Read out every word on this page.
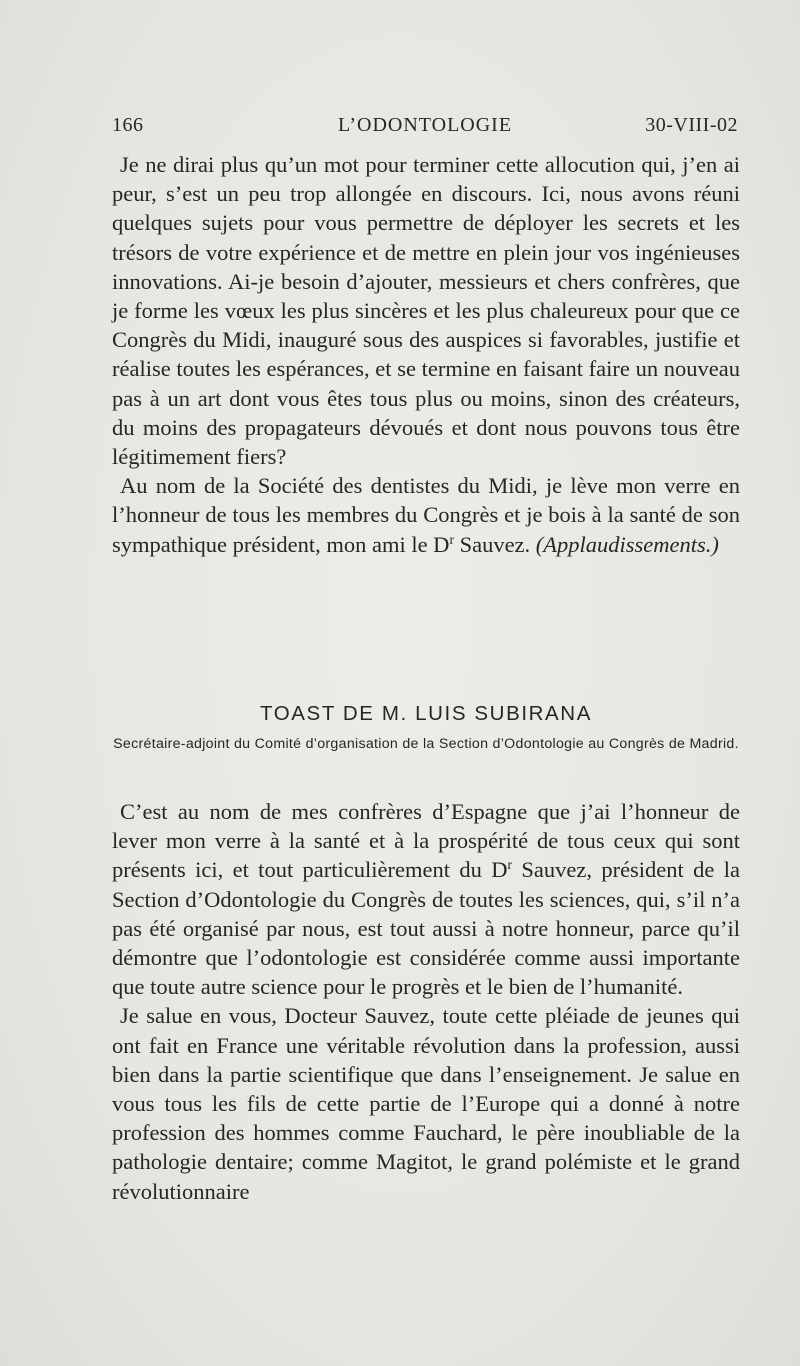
166	L’ODONTOLOGIE	30-VIII-02

Je ne dirai plus qu’un mot pour terminer cette allocution qui, j’en ai peur, s’est un peu trop allongée en discours. Ici, nous avons réuni quelques sujets pour vous permettre de déployer les secrets et les trésors de votre expérience et de mettre en plein jour vos ingénieuses innovations. Ai-je besoin d’ajouter, messieurs et chers confrères, que je forme les vœux les plus sincères et les plus chaleureux pour que ce Congrès du Midi, inauguré sous des auspices si favorables, justifie et réalise toutes les espérances, et se termine en faisant faire un nouveau pas à un art dont vous êtes tous plus ou moins, sinon des créateurs, du moins des propagateurs dévoués et dont nous pouvons tous être légitimement fiers?

Au nom de la Société des dentistes du Midi, je lève mon verre en l’honneur de tous les membres du Congrès et je bois à la santé de son sympathique président, mon ami le $D^r$ Sauvez. (Applaudissements.)

TOAST DE M. LUIS SUBIRANA
Secrétaire-adjoint du Comité d’organisation de la Section d’Odontologie au Congrès de Madrid.

C’est au nom de mes confrères d’Espagne que j’ai l’honneur de lever mon verre à la santé et à la prospérité de tous ceux qui sont présents ici, et tout particulièrement du $D^r$ Sauvez, président de la Section d’Odontologie du Congrès de toutes les sciences, qui, s’il n’a pas été organisé par nous, est tout aussi à notre honneur, parce qu’il démontre que l’odontologie est considérée comme aussi importante que toute autre science pour le progrès et le bien de l’humanité.

Je salue en vous, Docteur Sauvez, toute cette pléiade de jeunes qui ont fait en France une véritable révolution dans la profession, aussi bien dans la partie scientifique que dans l’enseignement. Je salue en vous tous les fils de cette partie de l’Europe qui a donné à notre profession des hommes comme Fauchard, le père inoubliable de la pathologie dentaire; comme Magitot, le grand polémiste et le grand révolutionnaire
